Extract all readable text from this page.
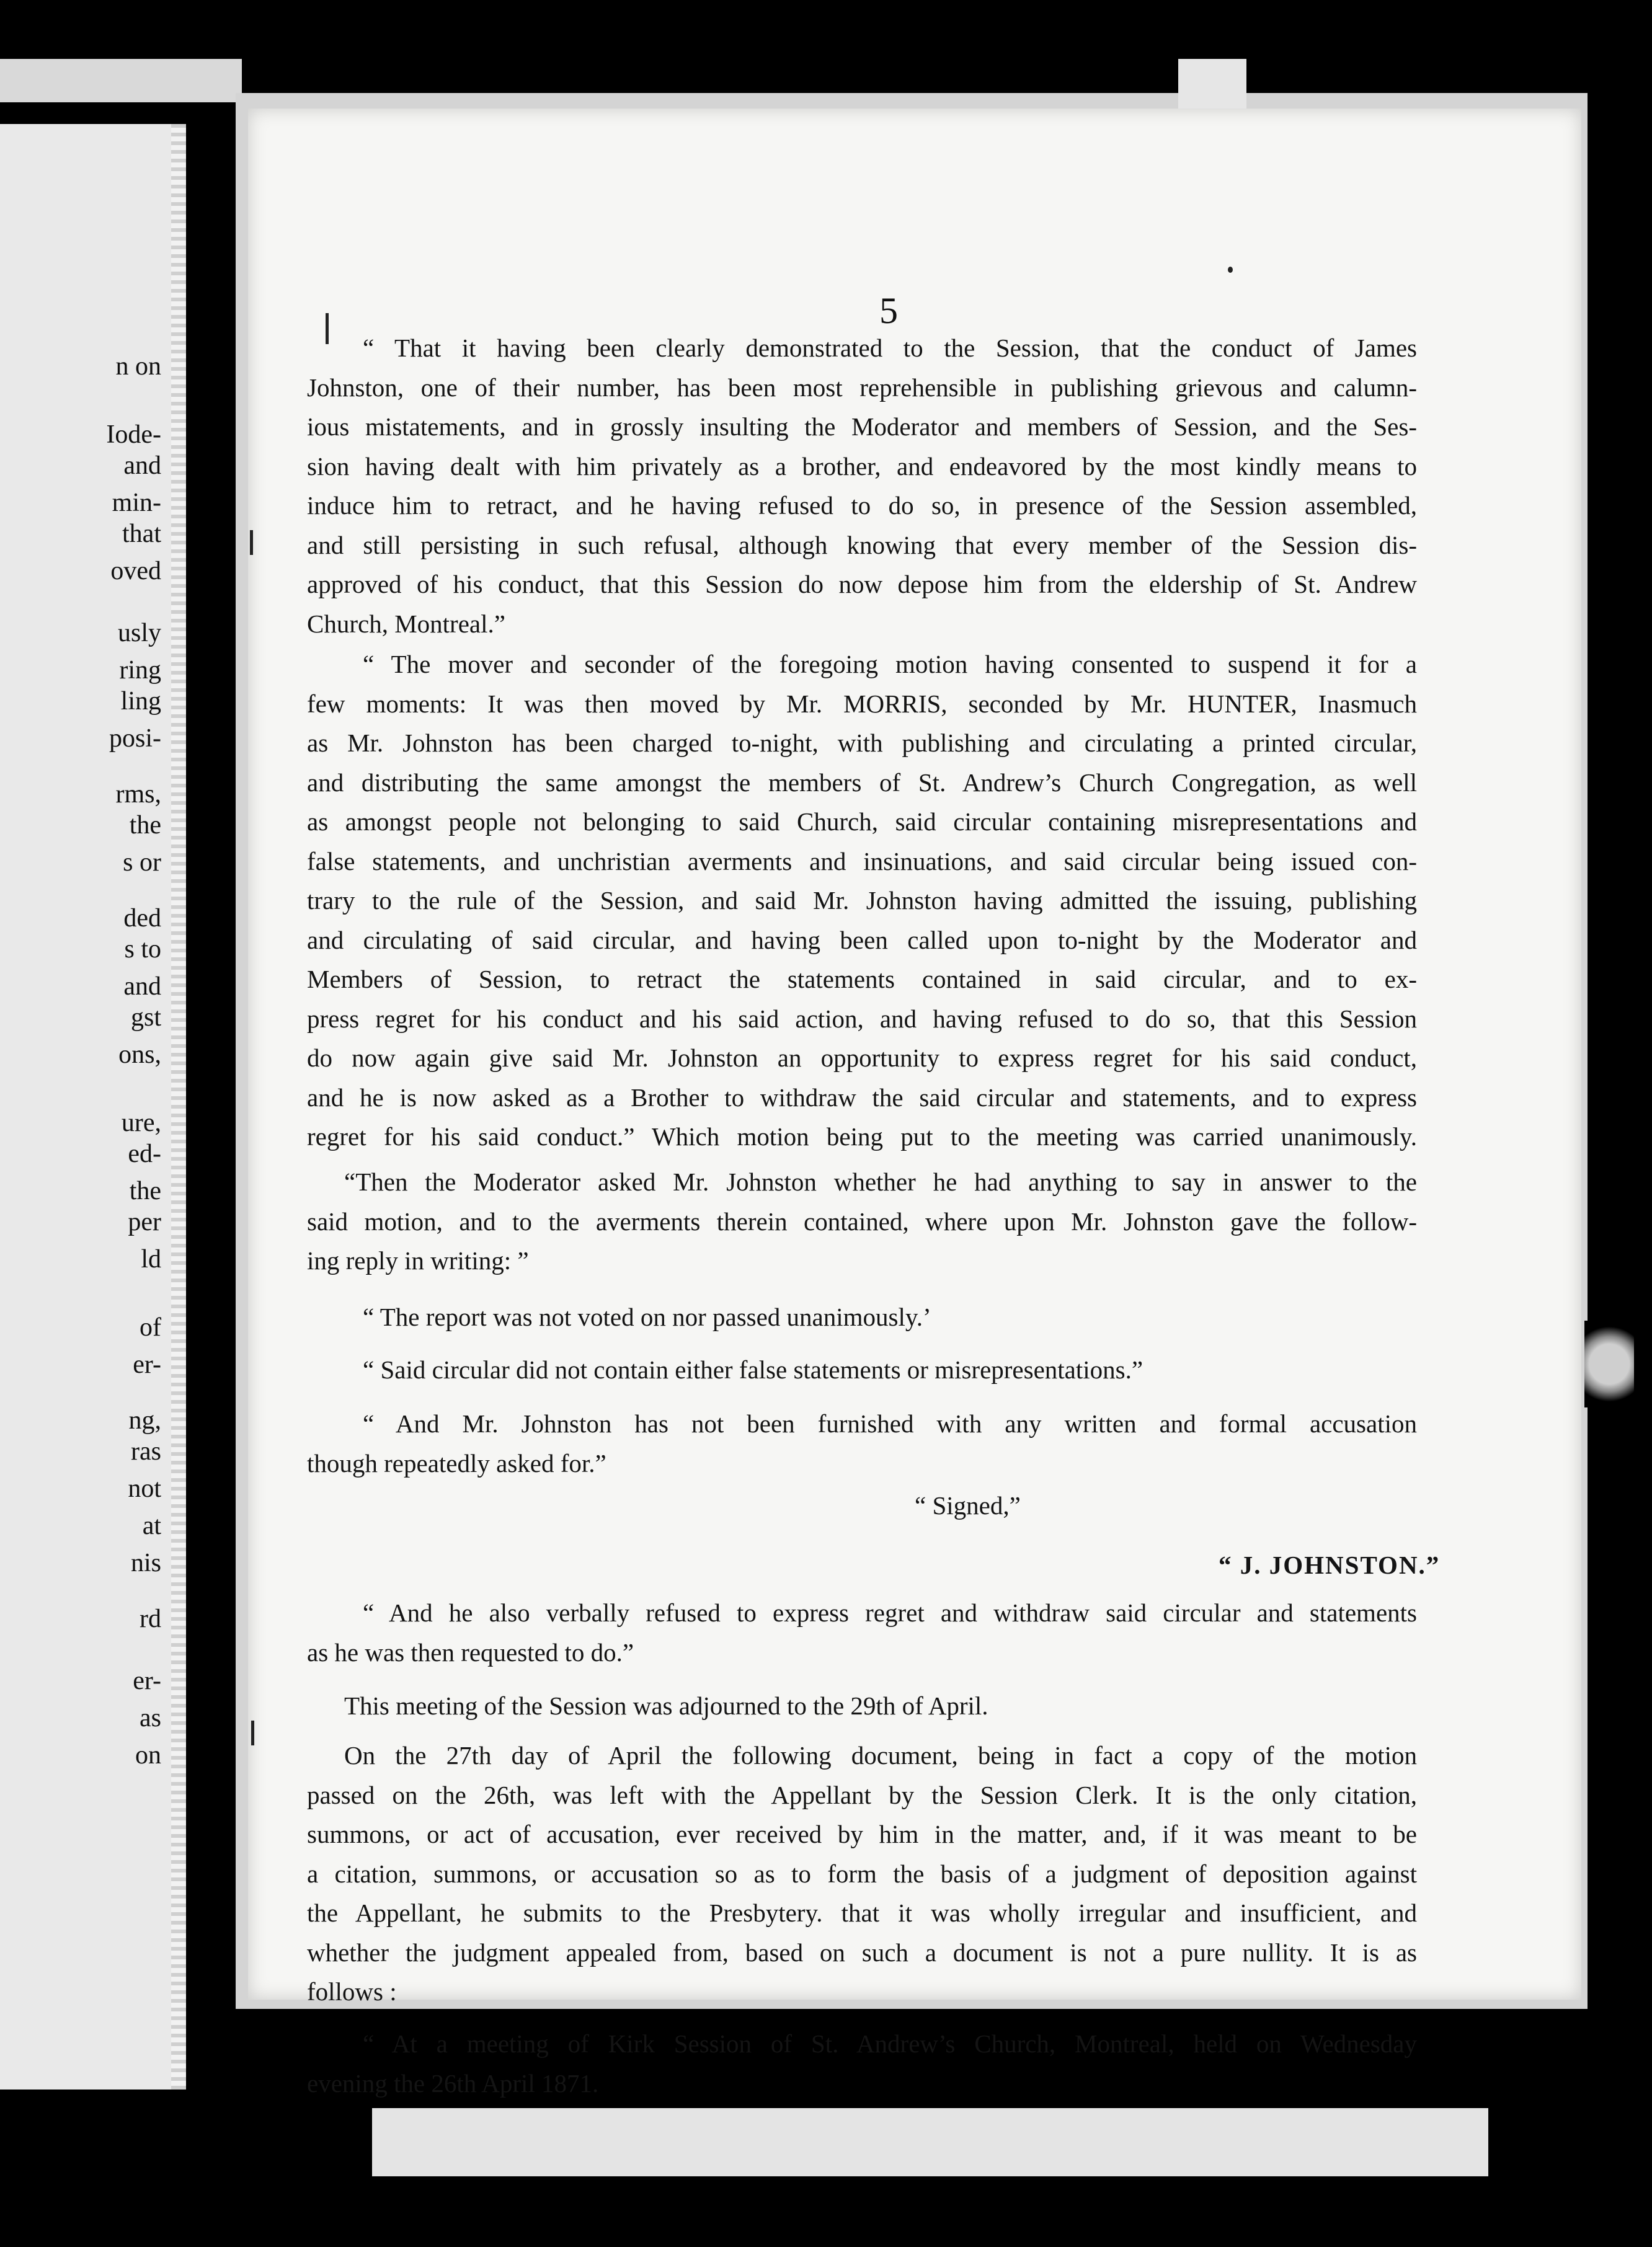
n on
Iode-
and
min-
that
oved
usly
ring
ling
posi-
rms,
the
s or
ded
s to
and
gst
ons,
ure,
ed-
the
per
ld
of
er-
ng,
ras
not
at
nis
rd
er-
as
on
5
“ That it having been clearly demonstrated to the Session, that the conduct of James
Johnston, one of their number, has been most reprehensible in publishing grievous and calumn-
ious mistatements, and in grossly insulting the Moderator and members of Session, and the Ses-
sion having dealt with him privately as a brother, and endeavored by the most kindly means to
induce him to retract, and he having refused to do so, in presence of the Session assembled,
and still persisting in such refusal, although knowing that every member of the Session dis-
approved of his conduct, that this Session do now depose him from the eldership of St. Andrew
Church, Montreal.”
“ The mover and seconder of the foregoing motion having consented to suspend it for a
few moments: It was then moved by Mr. MORRIS, seconded by Mr. HUNTER, Inasmuch
as Mr. Johnston has been charged to-night, with publishing and circulating a printed circular,
and distributing the same amongst the members of St. Andrew’s Church Congregation, as well
as amongst people not belonging to said Church, said circular containing misrepresentations and
false statements, and unchristian averments and insinuations, and said circular being issued con-
trary to the rule of the Session, and said Mr. Johnston having admitted the issuing, publishing
and circulating of said circular, and having been called upon to-night by the Moderator and
Members of Session, to retract the statements contained in said circular, and to ex-
press regret for his conduct and his said action, and having refused to do so, that this Session
do now again give said Mr. Johnston an opportunity to express regret for his said conduct,
and he is now asked as a Brother to withdraw the said circular and statements, and to express
regret for his said conduct.” Which motion being put to the meeting was carried unanimously.
“Then the Moderator asked Mr. Johnston whether he had anything to say in answer to the
said motion, and to the averments therein contained, where upon Mr. Johnston gave the follow-
ing reply in writing: ”
“ The report was not voted on nor passed unanimously.’
“ Said circular did not contain either false statements or misrepresentations.”
“ And Mr. Johnston has not been furnished with any written and formal accusation
though repeatedly asked for.”
“ Signed,”
“ J. JOHNSTON.”
“ And he also verbally refused to express regret and withdraw said circular and statements
as he was then requested to do.”
This meeting of the Session was adjourned to the 29th of April.
On the 27th day of April the following document, being in fact a copy of the motion
passed on the 26th, was left with the Appellant by the Session Clerk. It is the only citation,
summons, or act of accusation, ever received by him in the matter, and, if it was meant to be
a citation, summons, or accusation so as to form the basis of a judgment of deposition against
the Appellant, he submits to the Presbytery. that it was wholly irregular and insufficient, and
whether the judgment appealed from, based on such a document is not a pure nullity. It is as
follows :
“ At a meeting of Kirk Session of St. Andrew’s Church, Montreal, held on Wednesday
evening the 26th April 1871.
